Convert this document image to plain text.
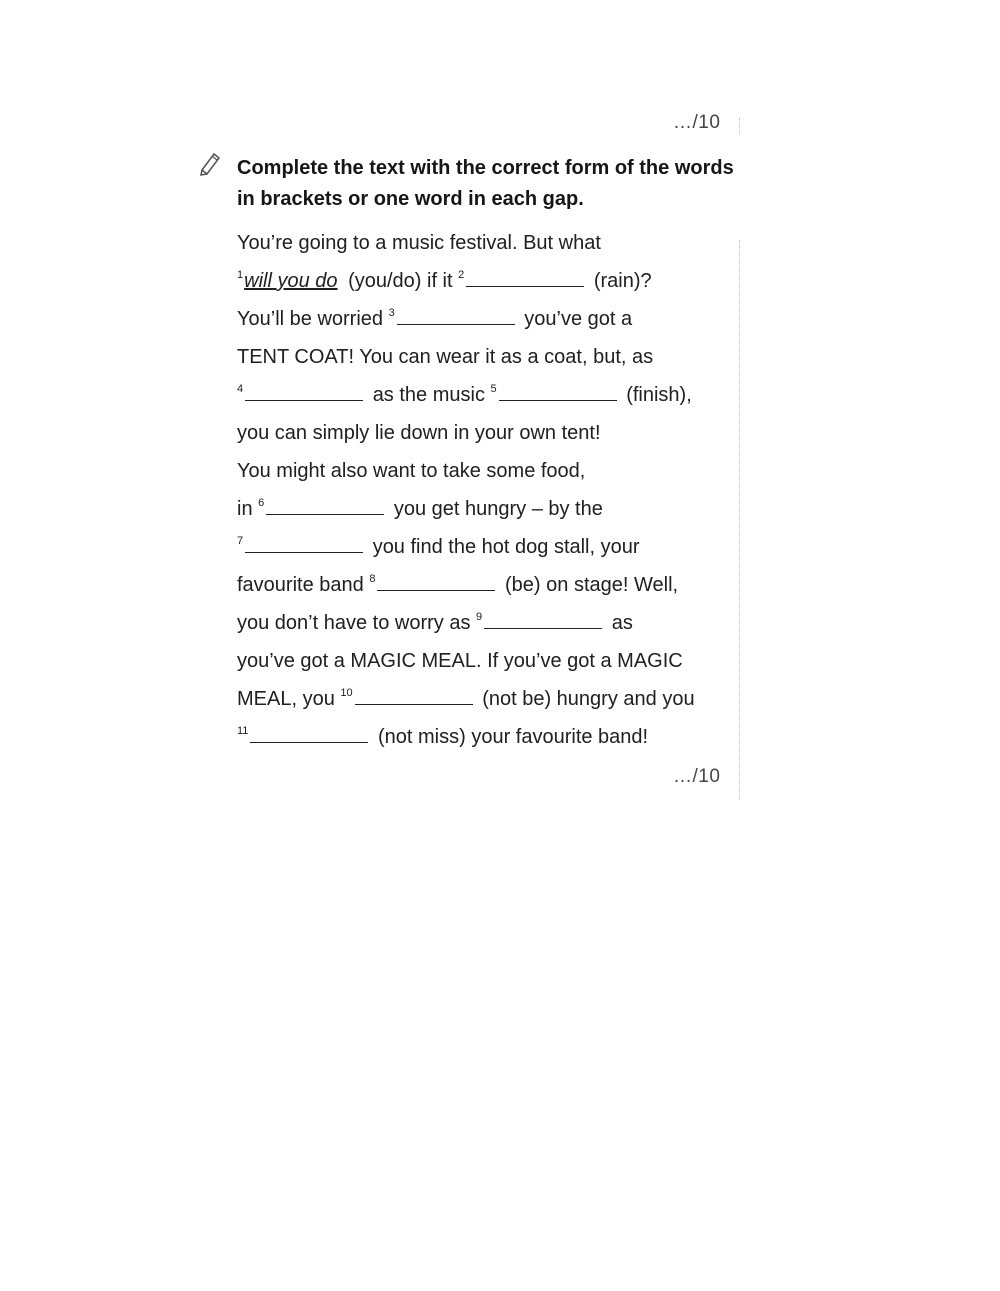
…/10

Complete the text with the correct form of the words in brackets or one word in each gap.

You’re going to a music festival. But what
$^1$will you do (you/do) if it $^2$	(rain)?
You’ll be worried $^3$	you’ve got a
TENT COAT! You can wear it as a coat, but, as
$^4$	as the music $^5$	(finish),
you can simply lie down in your own tent!
You might also want to take some food,
in $^6$	you get hungry – by the
$^7$	you find the hot dog stall, your
favourite band $^8$	(be) on stage! Well,
you don’t have to worry as $^9$	as
you’ve got a MAGIC MEAL. If you’ve got a MAGIC
MEAL, you $^{10}$	(not be) hungry and you
$^{11}$	(not miss) your favourite band!
…/10
